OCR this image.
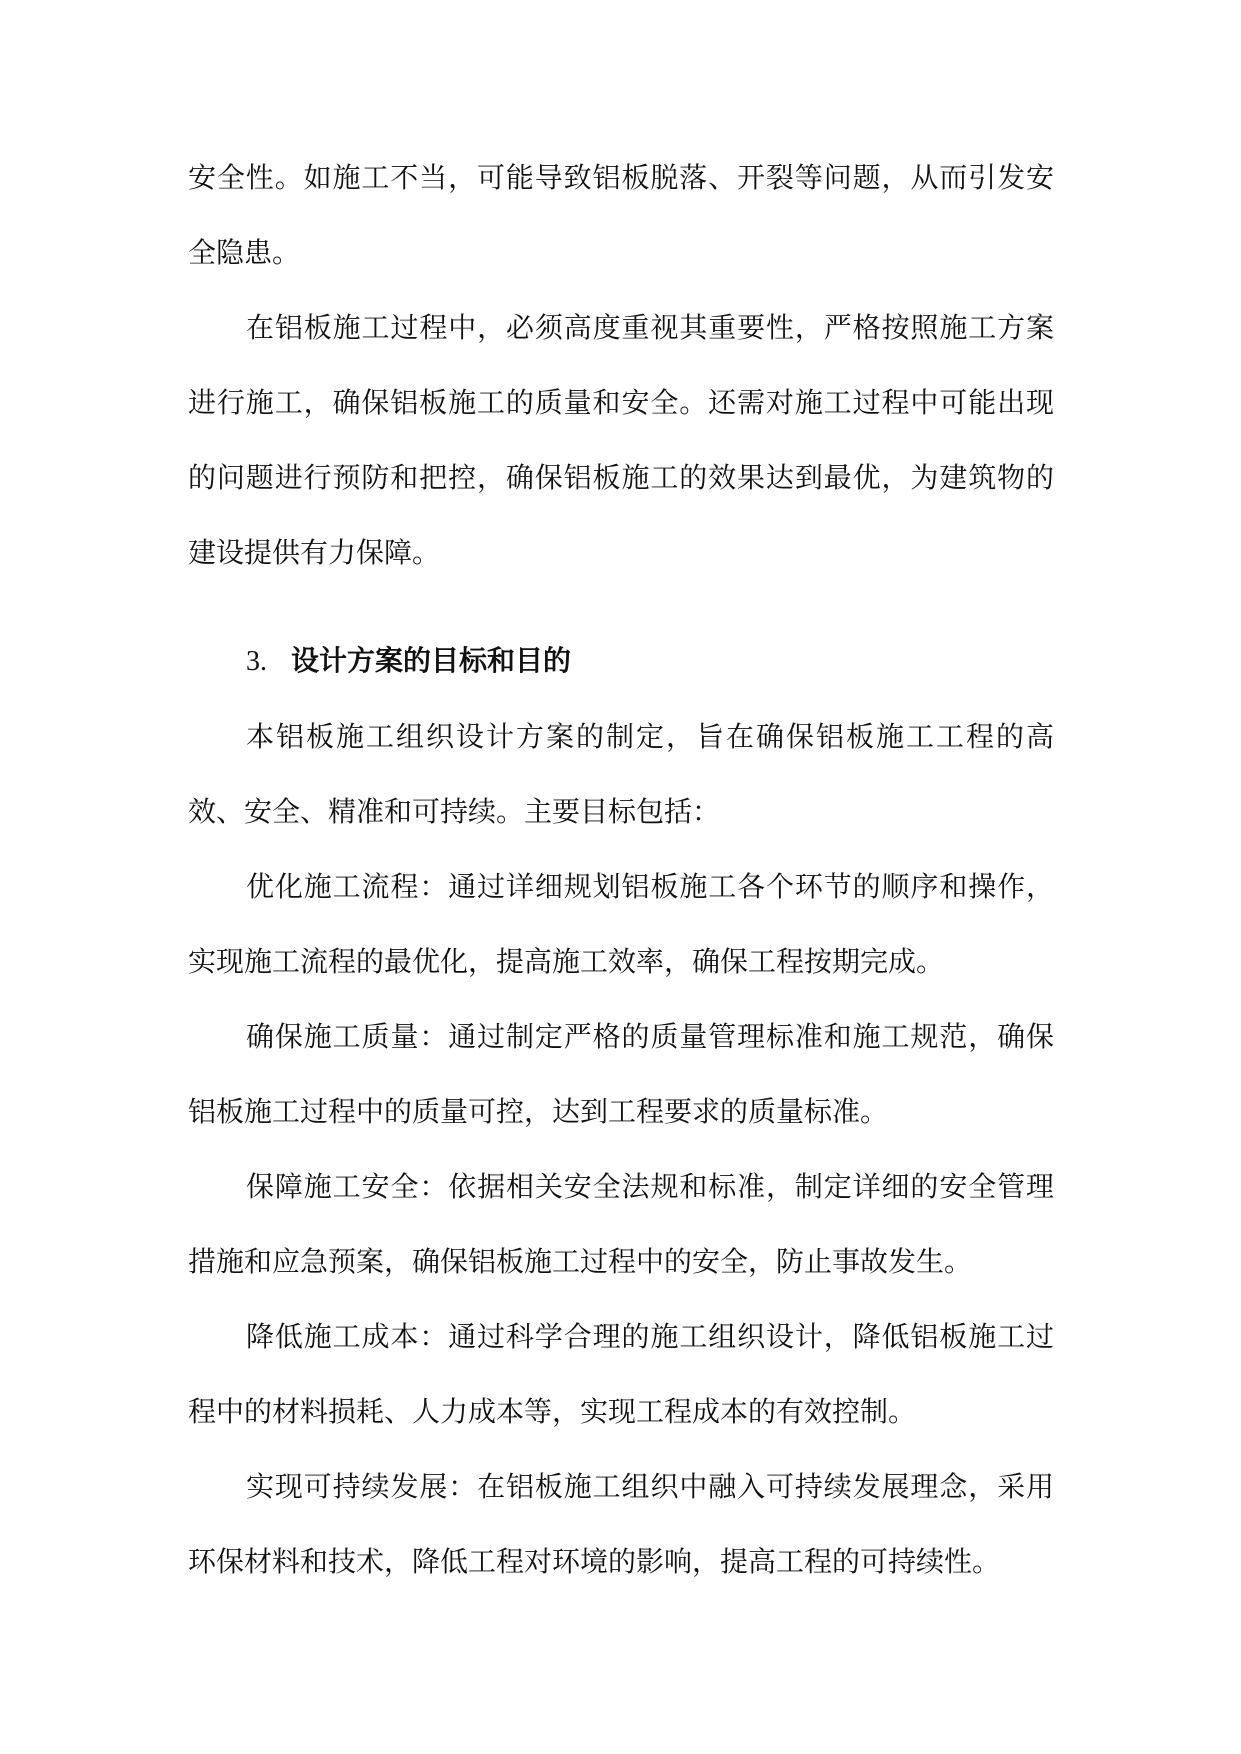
安全性。如施工不当，可能导致铝板脱落、开裂等问题，从而引发安全隐患。

在铝板施工过程中，必须高度重视其重要性，严格按照施工方案进行施工，确保铝板施工的质量和安全。还需对施工过程中可能出现的问题进行预防和把控，确保铝板施工的效果达到最优，为建筑物的建设提供有力保障。

3. 设计方案的目标和目的

本铝板施工组织设计方案的制定，旨在确保铝板施工工程的高效、安全、精准和可持续。主要目标包括：

优化施工流程：通过详细规划铝板施工各个环节的顺序和操作，实现施工流程的最优化，提高施工效率，确保工程按期完成。

确保施工质量：通过制定严格的质量管理标准和施工规范，确保铝板施工过程中的质量可控，达到工程要求的质量标准。

保障施工安全：依据相关安全法规和标准，制定详细的安全管理措施和应急预案，确保铝板施工过程中的安全，防止事故发生。

降低施工成本：通过科学合理的施工组织设计，降低铝板施工过程中的材料损耗、人力成本等，实现工程成本的有效控制。

实现可持续发展：在铝板施工组织中融入可持续发展理念，采用环保材料和技术，降低工程对环境的影响，提高工程的可持续性。
